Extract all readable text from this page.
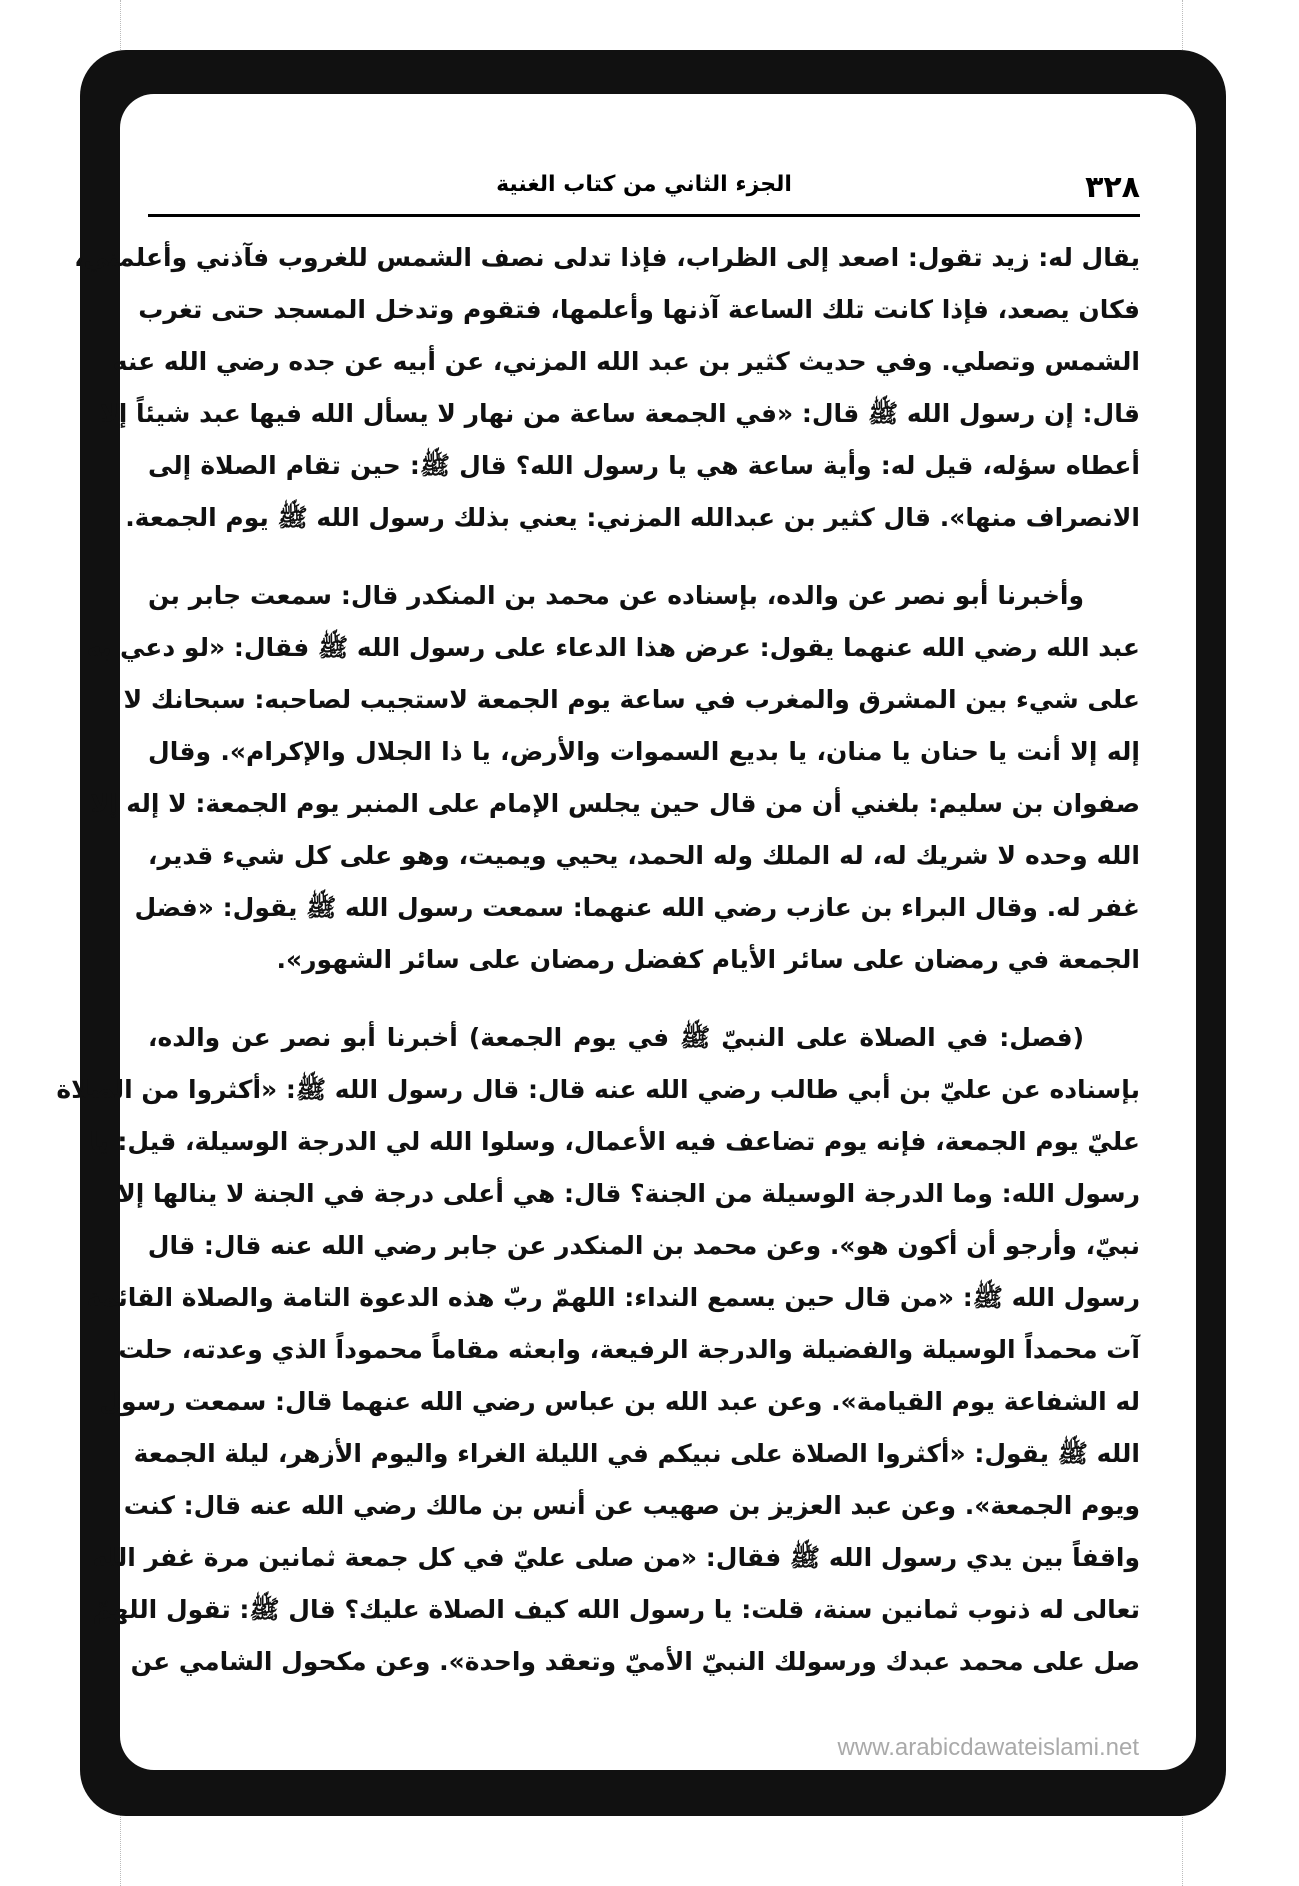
٣٢٨
الجزء الثاني من كتاب الغنية
يقال له: زيد تقول: اصعد إلى الظراب، فإذا تدلى نصف الشمس للغروب فآذني وأعلمني،
فكان يصعد، فإذا كانت تلك الساعة آذنها وأعلمها، فتقوم وتدخل المسجد حتى تغرب
الشمس وتصلي. وفي حديث كثير بن عبد الله المزني، عن أبيه عن جده رضي الله عنه
قال: إن رسول الله ﷺ قال: «في الجمعة ساعة من نهار لا يسأل الله فيها عبد شيئاً إلا
أعطاه سؤله، قيل له: وأية ساعة هي يا رسول الله؟ قال ﷺ: حين تقام الصلاة إلى
الانصراف منها». قال كثير بن عبدالله المزني: يعني بذلك رسول الله ﷺ يوم الجمعة.
وأخبرنا أبو نصر عن والده، بإسناده عن محمد بن المنكدر قال: سمعت جابر بن
عبد الله رضي الله عنهما يقول: عرض هذا الدعاء على رسول الله ﷺ فقال: «لو دعي به
على شيء بين المشرق والمغرب في ساعة يوم الجمعة لاستجيب لصاحبه: سبحانك لا
إله إلا أنت يا حنان يا منان، يا بديع السموات والأرض، يا ذا الجلال والإكرام». وقال
صفوان بن سليم: بلغني أن من قال حين يجلس الإمام على المنبر يوم الجمعة: لا إله إلا
الله وحده لا شريك له، له الملك وله الحمد، يحيي ويميت، وهو على كل شيء قدير،
غفر له. وقال البراء بن عازب رضي الله عنهما: سمعت رسول الله ﷺ يقول: «فضل
الجمعة في رمضان على سائر الأيام كفضل رمضان على سائر الشهور».
(فصل: في الصلاة على النبيّ ﷺ في يوم الجمعة) أخبرنا أبو نصر عن والده،
بإسناده عن عليّ بن أبي طالب رضي الله عنه قال: قال رسول الله ﷺ: «أكثروا من الصلاة
عليّ يوم الجمعة، فإنه يوم تضاعف فيه الأعمال، وسلوا الله لي الدرجة الوسيلة، قيل: يا
رسول الله: وما الدرجة الوسيلة من الجنة؟ قال: هي أعلى درجة في الجنة لا ينالها إلا
نبيّ، وأرجو أن أكون هو». وعن محمد بن المنكدر عن جابر رضي الله عنه قال: قال
رسول الله ﷺ: «من قال حين يسمع النداء: اللهمّ ربّ هذه الدعوة التامة والصلاة القائمة
آت محمداً الوسيلة والفضيلة والدرجة الرفيعة، وابعثه مقاماً محموداً الذي وعدته، حلت
له الشفاعة يوم القيامة». وعن عبد الله بن عباس رضي الله عنهما قال: سمعت رسول
الله ﷺ يقول: «أكثروا الصلاة على نبيكم في الليلة الغراء واليوم الأزهر، ليلة الجمعة
ويوم الجمعة». وعن عبد العزيز بن صهيب عن أنس بن مالك رضي الله عنه قال: كنت
واقفاً بين يدي رسول الله ﷺ فقال: «من صلى عليّ في كل جمعة ثمانين مرة غفر الله
تعالى له ذنوب ثمانين سنة، قلت: يا رسول الله كيف الصلاة عليك؟ قال ﷺ: تقول اللهمّ
صل على محمد عبدك ورسولك النبيّ الأميّ وتعقد واحدة». وعن مكحول الشامي عن
www.arabicdawateislami.net
